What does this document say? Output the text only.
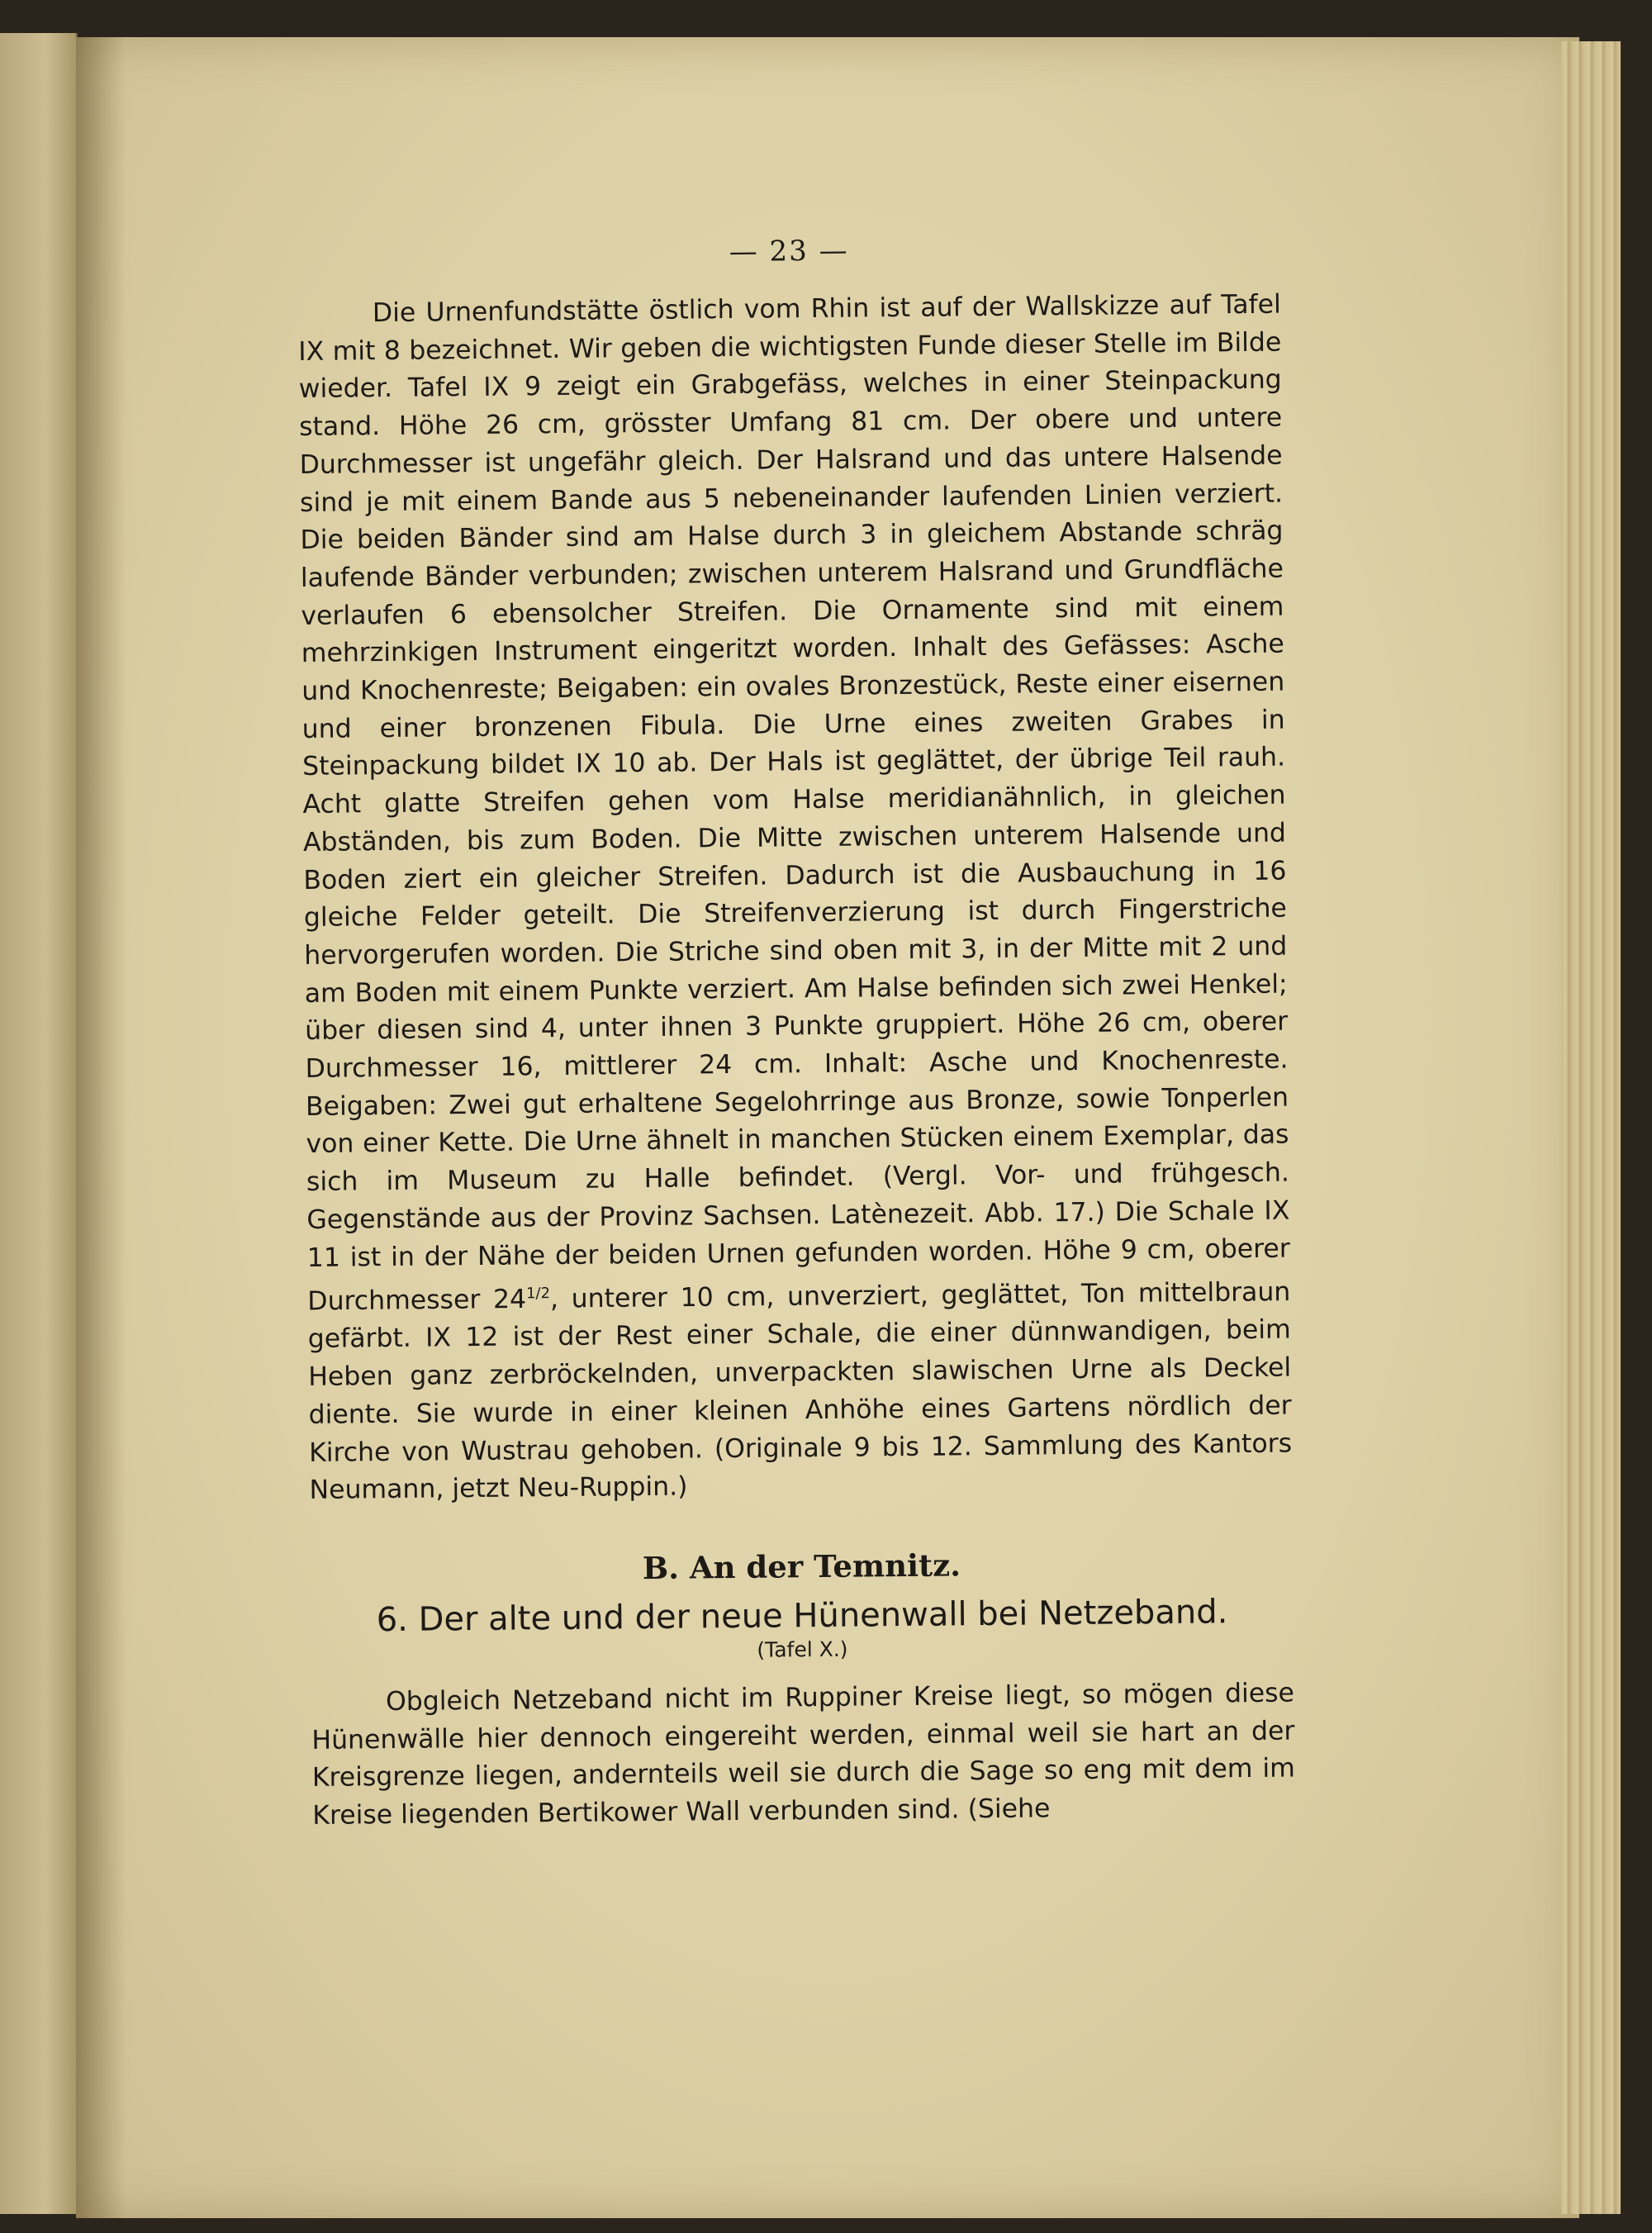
— 23 —

Die Urnenfundstätte östlich vom Rhin ist auf der Wallskizze auf Tafel IX mit 8 bezeichnet. Wir geben die wichtigsten Funde dieser Stelle im Bilde wieder. Tafel IX 9 zeigt ein Grabgefäss, welches in einer Steinpackung stand. Höhe 26 cm, grösster Umfang 81 cm. Der obere und untere Durchmesser ist ungefähr gleich. Der Halsrand und das untere Halsende sind je mit einem Bande aus 5 nebeneinander laufenden Linien verziert. Die beiden Bänder sind am Halse durch 3 in gleichem Abstande schräg laufende Bänder verbunden; zwischen unterem Halsrand und Grundfläche verlaufen 6 ebensolcher Streifen. Die Ornamente sind mit einem mehrzinkigen Instrument eingeritzt worden. Inhalt des Gefässes: Asche und Knochenreste; Beigaben: ein ovales Bronzestück, Reste einer eisernen und einer bronzenen Fibula. Die Urne eines zweiten Grabes in Steinpackung bildet IX 10 ab. Der Hals ist geglättet, der übrige Teil rauh. Acht glatte Streifen gehen vom Halse meridianähnlich, in gleichen Abständen, bis zum Boden. Die Mitte zwischen unterem Halsende und Boden ziert ein gleicher Streifen. Dadurch ist die Ausbauchung in 16 gleiche Felder geteilt. Die Streifenverzierung ist durch Fingerstriche hervorgerufen worden. Die Striche sind oben mit 3, in der Mitte mit 2 und am Boden mit einem Punkte verziert. Am Halse befinden sich zwei Henkel; über diesen sind 4, unter ihnen 3 Punkte gruppiert. Höhe 26 cm, oberer Durchmesser 16, mittlerer 24 cm. Inhalt: Asche und Knochenreste. Beigaben: Zwei gut erhaltene Segelohrringe aus Bronze, sowie Tonperlen von einer Kette. Die Urne ähnelt in manchen Stücken einem Exemplar, das sich im Museum zu Halle befindet. (Vergl. Vor- und frühgesch. Gegenstände aus der Provinz Sachsen. Latènezeit. Abb. 17.) Die Schale IX 11 ist in der Nähe der beiden Urnen gefunden worden. Höhe 9 cm, oberer Durchmesser $24^{1/2}$, unterer 10 cm, unverziert, geglättet, Ton mittelbraun gefärbt. IX 12 ist der Rest einer Schale, die einer dünnwandigen, beim Heben ganz zerbröckelnden, unverpackten slawischen Urne als Deckel diente. Sie wurde in einer kleinen Anhöhe eines Gartens nördlich der Kirche von Wustrau gehoben. (Originale 9 bis 12. Sammlung des Kantors Neumann, jetzt Neu-Ruppin.)

B. An der Temnitz.
6. Der alte und der neue Hünenwall bei Netzeband.
(Tafel X.)

Obgleich Netzeband nicht im Ruppiner Kreise liegt, so mögen diese Hünenwälle hier dennoch eingereiht werden, einmal weil sie hart an der Kreisgrenze liegen, andernteils weil sie durch die Sage so eng mit dem im Kreise liegenden Bertikower Wall verbunden sind. (Siehe
